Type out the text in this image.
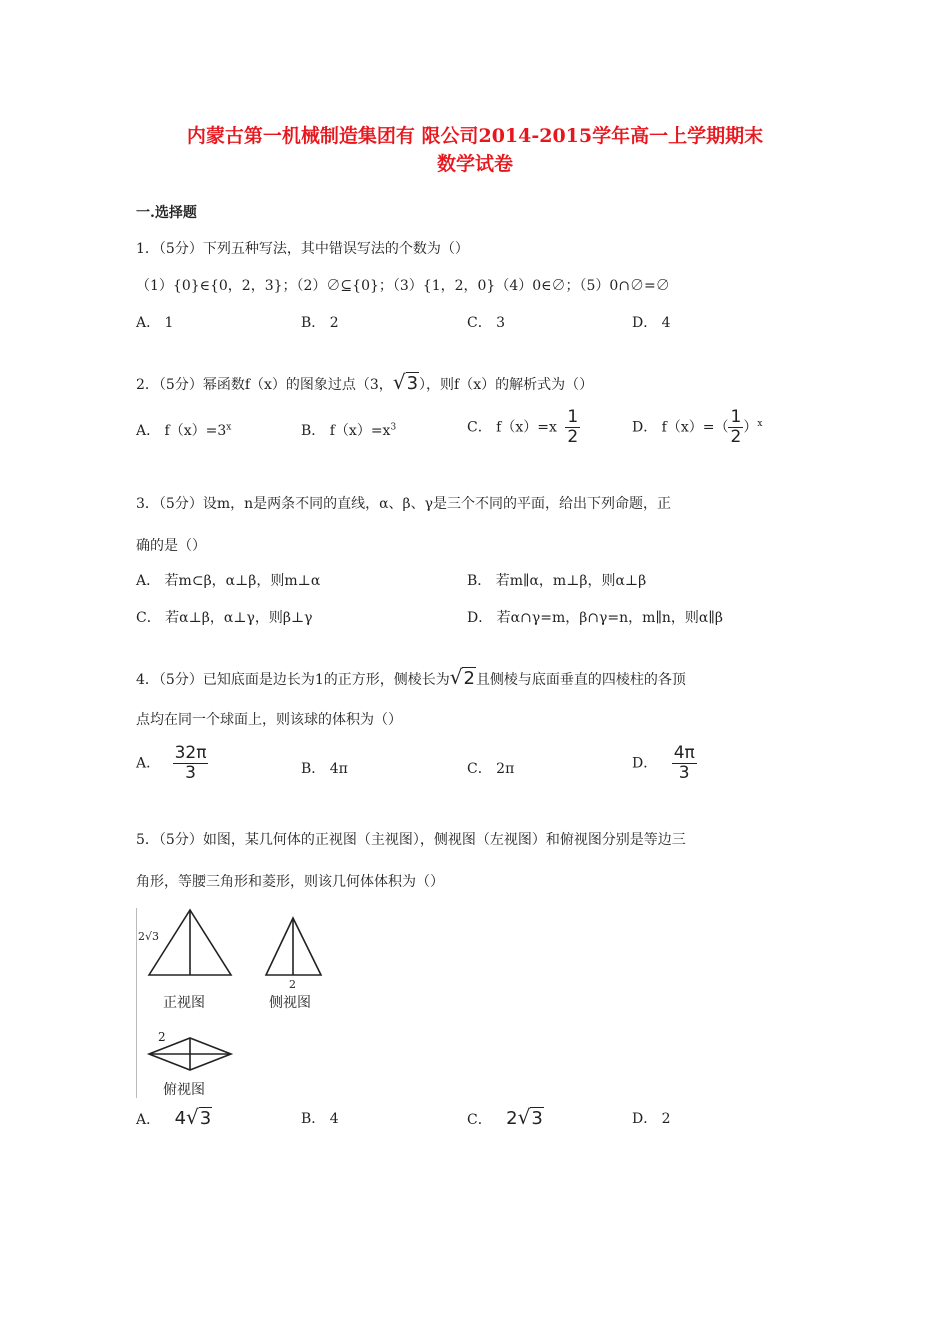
内蒙古第一机械制造集团有 限公司2014-2015学年高一上学期期末
数学试卷
一.选择题
1．（5分）下列五种写法，其中错误写法的个数为（）
（1）{0}∈{0，2，3}；（2）∅⊆{0}；（3）{1，2，0}（4）0∈∅；（5）0∩∅=∅
A． 1	B． 2	C． 3	D． 4
2．（5分）幂函数f（x）的图象过点（3，√3），则f（x）的解析式为（）
A． $f(x)=3^x$	B． $f(x)=x^3$	C． $f(x)=x \frac{1}{2}$	D． $f(x)=( \frac{1}{2} )^x$
3．（5分）设m，n是两条不同的直线，α、β、γ是三个不同的平面，给出下列命题，正
确的是（）
A． 若m⊂β，α⊥β，则m⊥α	B． 若m∥α，m⊥β，则α⊥β
C． 若α⊥β，α⊥γ，则β⊥γ	D． 若α∩γ=m，β∩γ=n，m∥n，则α∥β
4．（5分）已知底面是边长为1的正方形，侧棱长为√2且侧棱与底面垂直的四棱柱的各顶
点均在同一个球面上，则该球的体积为（）
A． $\frac{32\pi}{3}$	B． 4π	C． 2π	D． $\frac{4\pi}{3}$
5．（5分）如图，某几何体的正视图（主视图），侧视图（左视图）和俯视图分别是等边三
角形，等腰三角形和菱形，则该几何体体积为（）
2√3
正视图
2
侧视图
2
俯视图
A． 4√3	B． 4	C． 2√3	D． 2
